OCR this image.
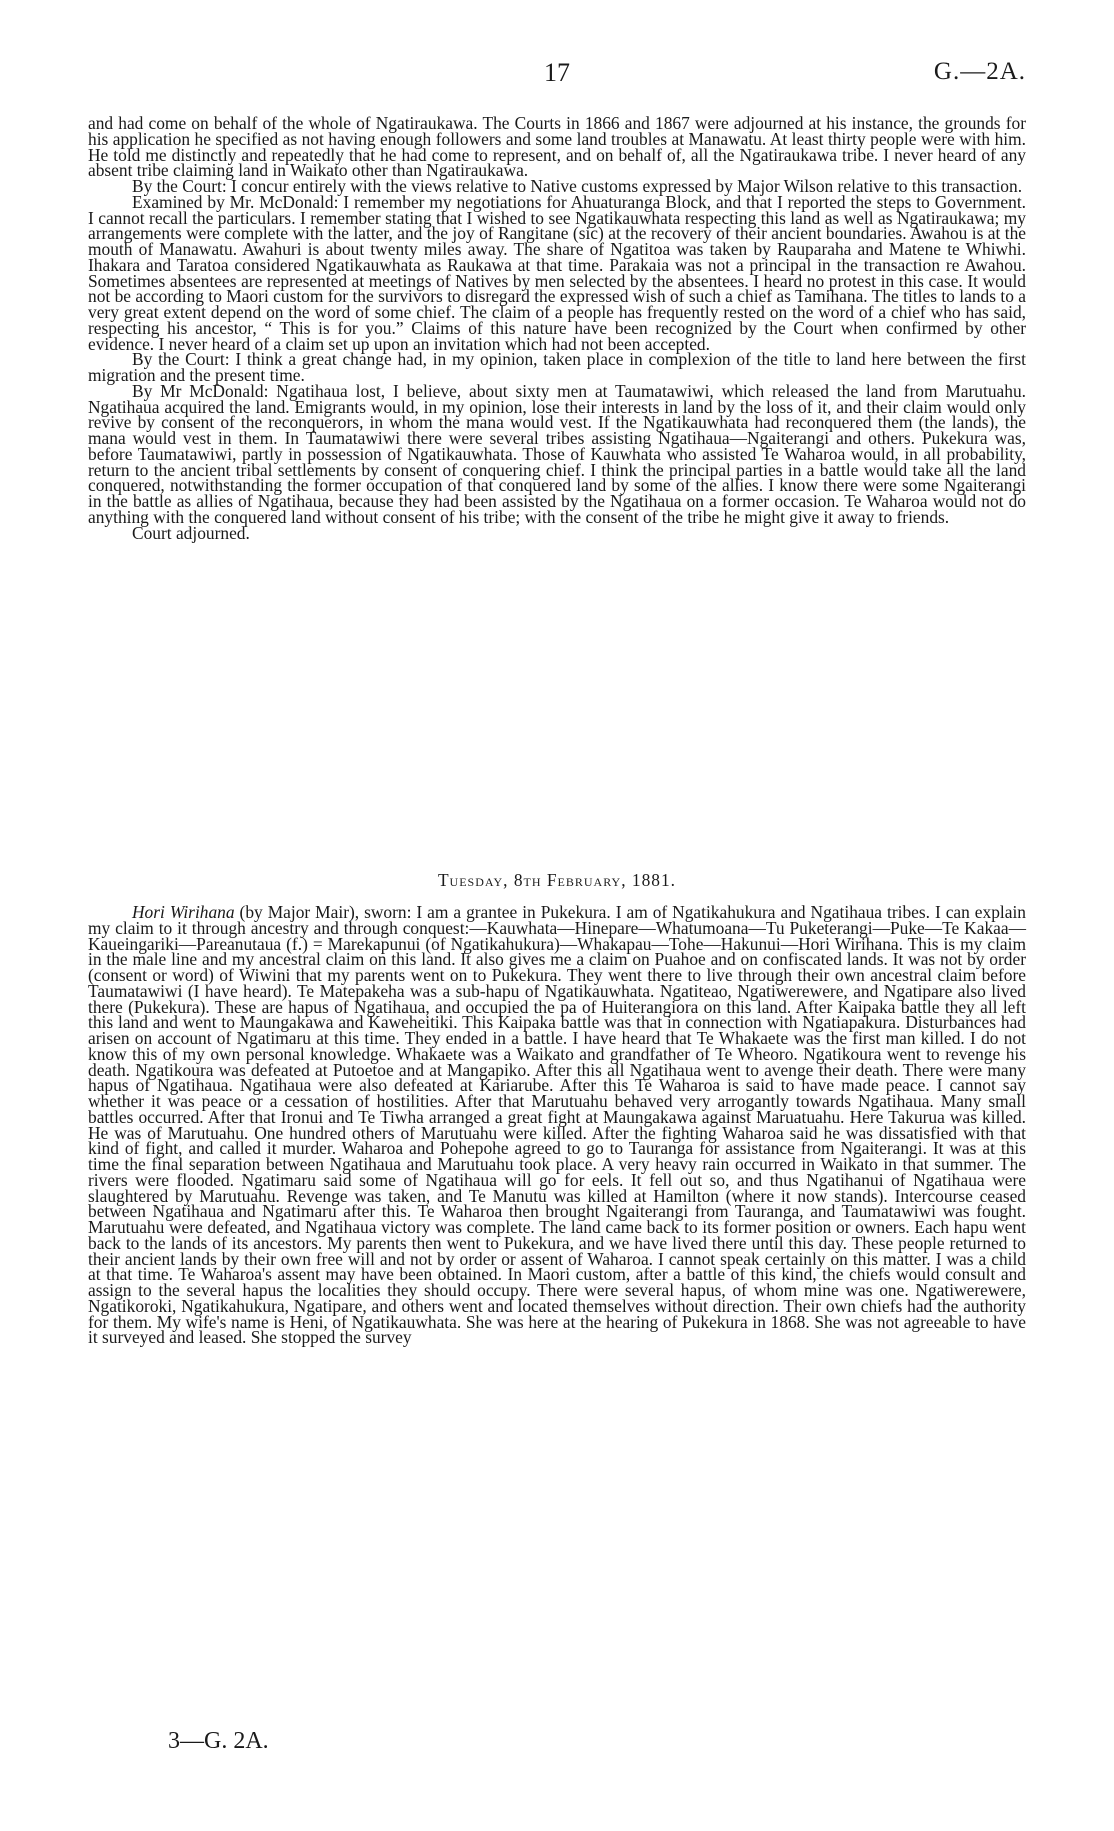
17	G.—2A.

and had come on behalf of the whole of Ngatiraukawa. The Courts in 1866 and 1867 were adjourned at his instance, the grounds for his application he specified as not having enough followers and some land troubles at Manawatu. At least thirty people were with him. He told me distinctly and repeatedly that he had come to represent, and on behalf of, all the Ngatiraukawa tribe. I never heard of any absent tribe claiming land in Waikato other than Ngatiraukawa.

By the Court: I concur entirely with the views relative to Native customs expressed by Major Wilson relative to this transaction.

Examined by Mr. McDonald: I remember my negotiations for Ahuaturanga Block, and that I reported the steps to Government. I cannot recall the particulars. I remember stating that I wished to see Ngatikauwhata respecting this land as well as Ngatiraukawa; my arrangements were complete with the latter, and the joy of Rangitane (sic) at the recovery of their ancient boundaries. Awahou is at the mouth of Manawatu. Awahuri is about twenty miles away. The share of Ngatitoa was taken by Rauparaha and Matene te Whiwhi. Ihakara and Taratoa considered Ngatikauwhata as Raukawa at that time. Parakaia was not a principal in the transaction re Awahou. Sometimes absentees are represented at meetings of Natives by men selected by the absentees. I heard no protest in this case. It would not be according to Maori custom for the survivors to disregard the expressed wish of such a chief as Tamihana. The titles to lands to a very great extent depend on the word of some chief. The claim of a people has frequently rested on the word of a chief who has said, respecting his ancestor, “ This is for you.” Claims of this nature have been recognized by the Court when confirmed by other evidence. I never heard of a claim set up upon an invitation which had not been accepted.

By the Court: I think a great change had, in my opinion, taken place in complexion of the title to land here between the first migration and the present time.

By Mr McDonald: Ngatihaua lost, I believe, about sixty men at Taumatawiwi, which released the land from Marutuahu. Ngatihaua acquired the land. Emigrants would, in my opinion, lose their interests in land by the loss of it, and their claim would only revive by consent of the reconquerors, in whom the mana would vest. If the Ngatikauwhata had reconquered them (the lands), the mana would vest in them. In Taumatawiwi there were several tribes assisting Ngatihaua—Ngaiterangi and others. Pukekura was, before Taumatawiwi, partly in possession of Ngatikauwhata. Those of Kauwhata who assisted Te Waharoa would, in all probability, return to the ancient tribal settlements by consent of conquering chief. I think the principal parties in a battle would take all the land conquered, notwithstanding the former occupation of that conquered land by some of the allies. I know there were some Ngaiterangi in the battle as allies of Ngatihaua, because they had been assisted by the Ngatihaua on a former occasion. Te Waharoa would not do anything with the conquered land without consent of his tribe; with the consent of the tribe he might give it away to friends.

Court adjourned.

Tuesday, 8th February, 1881.

Hori Wirihana (by Major Mair), sworn: I am a grantee in Pukekura. I am of Ngatikahukura and Ngatihaua tribes. I can explain my claim to it through ancestry and through conquest:—Kauwhata—Hinepare—Whatumoana—Tu Puketerangi—Puke—Te Kakaa—Kaueingariki—Pareanutaua (f.) = Marekapunui (of Ngatikahukura)—Whakapau—Tohe—Hakunui—Hori Wirihana. This is my claim in the male line and my ancestral claim on this land. It also gives me a claim on Puahoe and on confiscated lands. It was not by order (consent or word) of Wiwini that my parents went on to Pukekura. They went there to live through their own ancestral claim before Taumatawiwi (I have heard). Te Matepakeha was a sub-hapu of Ngatikauwhata. Ngatiteao, Ngatiwerewere, and Ngatipare also lived there (Pukekura). These are hapus of Ngatihaua, and occupied the pa of Huiterangiora on this land. After Kaipaka battle they all left this land and went to Maungakawa and Kaweheitiki. This Kaipaka battle was that in connection with Ngatiapakura. Disturbances had arisen on account of Ngatimaru at this time. They ended in a battle. I have heard that Te Whakaete was the first man killed. I do not know this of my own personal knowledge. Whakaete was a Waikato and grandfather of Te Wheoro. Ngatikoura went to revenge his death. Ngatikoura was defeated at Putoetoe and at Mangapiko. After this all Ngatihaua went to avenge their death. There were many hapus of Ngatihaua. Ngatihaua were also defeated at Kariarube. After this Te Waharoa is said to have made peace. I cannot say whether it was peace or a cessation of hostilities. After that Marutuahu behaved very arrogantly towards Ngatihaua. Many small battles occurred. After that Ironui and Te Tiwha arranged a great fight at Maungakawa against Maruatuahu. Here Takurua was killed. He was of Marutuahu. One hundred others of Marutuahu were killed. After the fighting Waharoa said he was dissatisfied with that kind of fight, and called it murder. Waharoa and Pohepohe agreed to go to Tauranga for assistance from Ngaiterangi. It was at this time the final separation between Ngatihaua and Marutuahu took place. A very heavy rain occurred in Waikato in that summer. The rivers were flooded. Ngatimaru said some of Ngatihaua will go for eels. It fell out so, and thus Ngatihanui of Ngatihaua were slaughtered by Marutuahu. Revenge was taken, and Te Manutu was killed at Hamilton (where it now stands). Intercourse ceased between Ngatihaua and Ngatimaru after this. Te Waharoa then brought Ngaiterangi from Tauranga, and Taumatawiwi was fought. Marutuahu were defeated, and Ngatihaua victory was complete. The land came back to its former position or owners. Each hapu went back to the lands of its ancestors. My parents then went to Pukekura, and we have lived there until this day. These people returned to their ancient lands by their own free will and not by order or assent of Waharoa. I cannot speak certainly on this matter. I was a child at that time. Te Waharoa's assent may have been obtained. In Maori custom, after a battle of this kind, the chiefs would consult and assign to the several hapus the localities they should occupy. There were several hapus, of whom mine was one. Ngatiwerewere, Ngatikoroki, Ngatikahukura, Ngatipare, and others went and located themselves without direction. Their own chiefs had the authority for them. My wife's name is Heni, of Ngatikauwhata. She was here at the hearing of Pukekura in 1868. She was not agreeable to have it surveyed and leased. She stopped the survey

3—G. 2A.
